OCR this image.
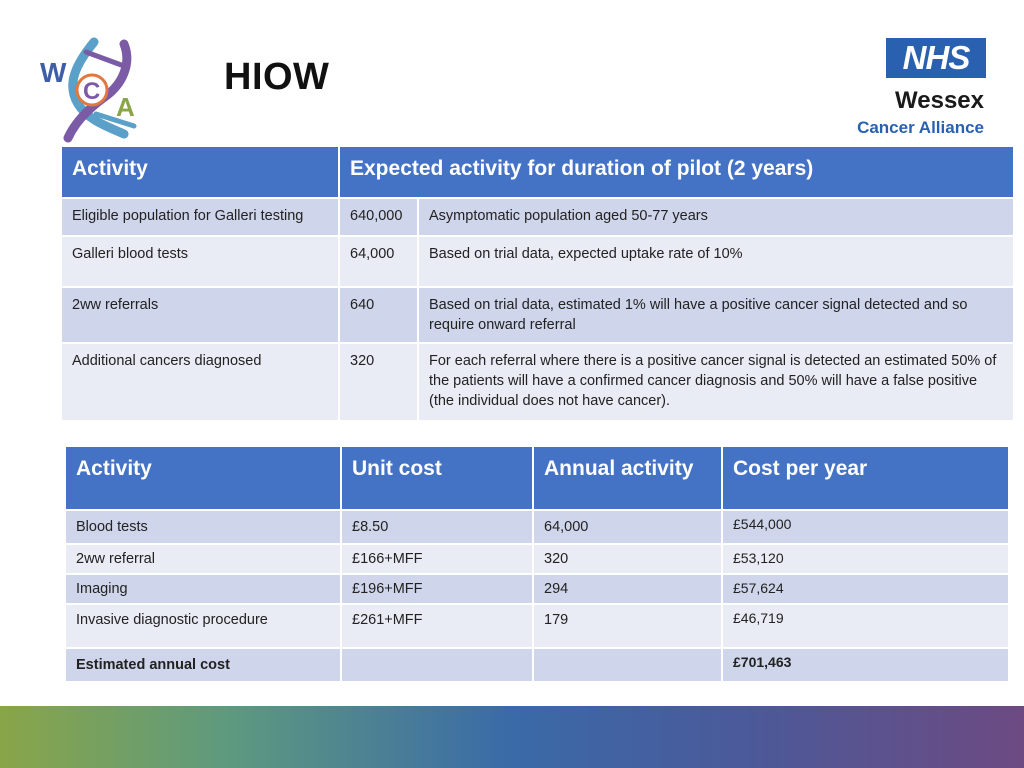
W
C
A
HIOW	NHS
Wessex
Cancer Alliance
Activity	Expected activity for duration of pilot (2 years)	
Eligible population for Galleri testing	640,000	Asymptomatic population aged 50-77 years
Galleri blood tests	64,000	Based on trial data, expected uptake rate of 10%
2ww referrals	640	Based on trial data, estimated 1% will have a positive cancer signal detected and so require onward referral
Additional cancers diagnosed	320	For each referral where there is a positive cancer signal is detected an estimated 50% of the patients will have a confirmed cancer diagnosis and 50% will have a false positive (the individual does not have cancer).
Activity	Unit cost	Annual activity	Cost per year
Blood tests	£8.50	64,000	£544,000
2ww referral	£166+MFF	320	£53,120
Imaging	£196+MFF	294	£57,624
Invasive diagnostic procedure	£261+MFF	179	£46,719
Estimated annual cost			£701,463
